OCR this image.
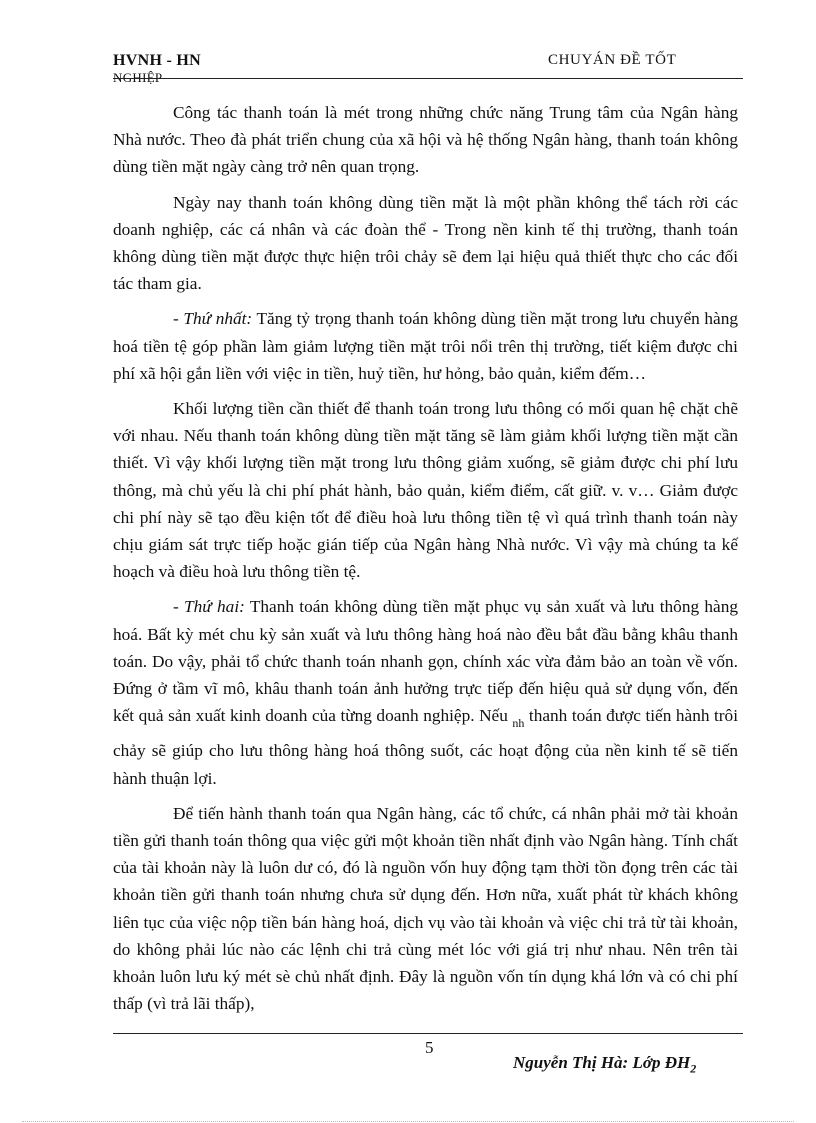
HVNH - HN
NGHIỆP
CHUYÁN ĐỀ TỐT

Công tác thanh toán là mét trong những chức năng Trung tâm của Ngân hàng Nhà nước. Theo đà phát triển chung của xã hội và hệ thống Ngân hàng, thanh toán không dùng tiền mặt ngày càng trở nên quan trọng.

Ngày nay thanh toán không dùng tiền mặt là một phần không thể tách rời các doanh nghiệp, các cá nhân và các đoàn thể - Trong nền kinh tế thị trường, thanh toán không dùng tiền mặt được thực hiện trôi chảy sẽ đem lại hiệu quả thiết thực cho các đối tác tham gia.

- Thứ nhất: Tăng tỷ trọng thanh toán không dùng tiền mặt trong lưu chuyển hàng hoá tiền tệ góp phần làm giảm lượng tiền mặt trôi nổi trên thị trường, tiết kiệm được chi phí xã hội gắn liền với việc in tiền, huỷ tiền, hư hỏng, bảo quản, kiểm đếm…

Khối lượng tiền cần thiết để thanh toán trong lưu thông có mối quan hệ chặt chẽ với nhau. Nếu thanh toán không dùng tiền mặt tăng sẽ làm giảm khối lượng tiền mặt cần thiết. Vì vậy khối lượng tiền mặt trong lưu thông giảm xuống, sẽ giảm được chi phí lưu thông, mà chủ yếu là chi phí phát hành, bảo quản, kiểm điểm, cất giữ. v. v… Giảm được chi phí này sẽ tạo đều kiện tốt để điều hoà lưu thông tiền tệ vì quá trình thanh toán này chịu giám sát trực tiếp hoặc gián tiếp của Ngân hàng Nhà nước. Vì vậy mà chúng ta kế hoạch và điều hoà lưu thông tiền tệ.

- Thứ hai: Thanh toán không dùng tiền mặt phục vụ sản xuất và lưu thông hàng hoá. Bất kỳ mét chu kỳ sản xuất và lưu thông hàng hoá nào đều bắt đầu bằng khâu thanh toán. Do vậy, phải tổ chức thanh toán nhanh gọn, chính xác vừa đảm bảo an toàn về vốn. Đứng ở tầm vĩ mô, khâu thanh toán ảnh hưởng trực tiếp đến hiệu quả sử dụng vốn, đến kết quả sản xuất kinh doanh của từng doanh nghiệp. Nếu $_{nh}$ thanh toán được tiến hành trôi chảy sẽ giúp cho lưu thông hàng hoá thông suốt, các hoạt động của nền kinh tế sẽ tiến hành thuận lợi.

Để tiến hành thanh toán qua Ngân hàng, các tổ chức, cá nhân phải mở tài khoản tiền gửi thanh toán thông qua việc gửi một khoản tiền nhất định vào Ngân hàng. Tính chất của tài khoản này là luôn dư có, đó là nguồn vốn huy động tạm thời tồn đọng trên các tài khoản tiền gửi thanh toán nhưng chưa sử dụng đến. Hơn nữa, xuất phát từ khách không liên tục của việc nộp tiền bán hàng hoá, dịch vụ vào tài khoản và việc chi trả từ tài khoản, do không phải lúc nào các lệnh chi trả cùng mét lóc với giá trị như nhau. Nên trên tài khoản luôn lưu ký mét sè chủ nhất định. Đây là nguồn vốn tín dụng khá lớn và có chi phí thấp (vì trả lãi thấp),

5
Nguyễn Thị Hà: Lớp $ĐH_2$
